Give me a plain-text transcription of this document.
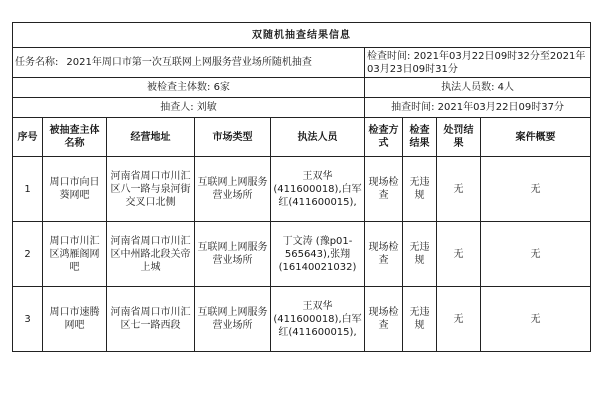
双随机抽查结果信息								
任务名称: 2021年周口市第一次互联网上网服务营业场所随机抽查					检查时间: 2021年03月22日09时32分至2021年03月23日09时31分			
被检查主体数: 6家					执法人员数: 4人			
抽查人: 刘敏					抽查时间: 2021年03月22日09时37分			
序号	被抽查主体名称	经营地址	市场类型	执法人员	检查方式	检查结果	处罚结果	案件概要
1	周口市向日葵网吧	河南省周口市川汇区八一路与泉河街交叉口北侧	互联网上网服务营业场所	王双华(411600018),白军红(411600015),	现场检查	无违规	无	无
2	周口市川汇区鸿雁阁网吧	河南省周口市川汇区中州路北段关帝上城	互联网上网服务营业场所	丁文涛 (豫p01-565643),张翔(16140021032)	现场检查	无违规	无	无
3	周口市速腾网吧	河南省周口市川汇区七一路西段	互联网上网服务营业场所	王双华(411600018),白军红(411600015),	现场检查	无违规	无	无
